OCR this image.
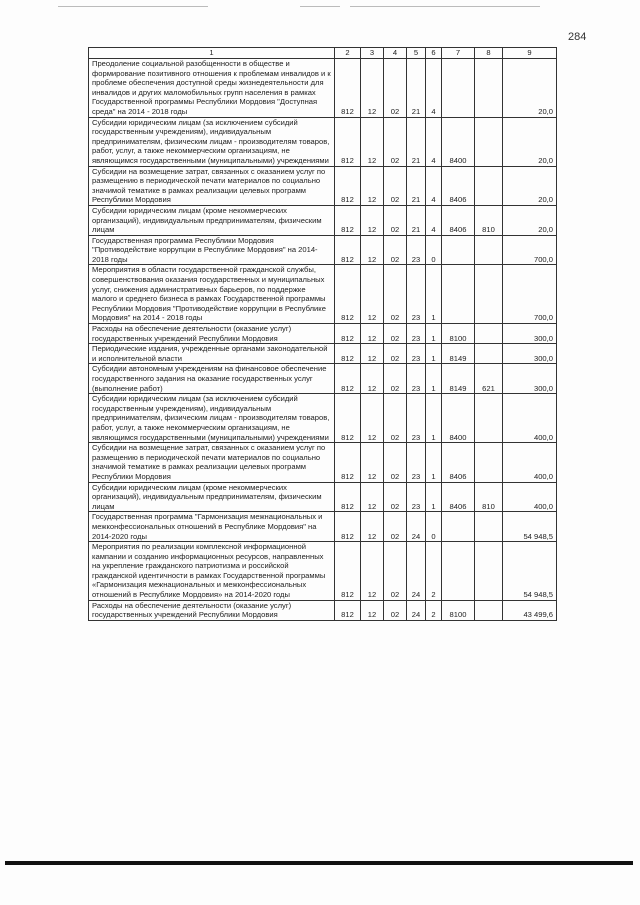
284
1	2	3	4	5	6	7	8	9
Преодоление социальной разобщенности в обществе и формирование позитивного отношения к проблемам инвалидов и к проблеме обеспечения доступной среды жизнедеятельности для инвалидов и других маломобильных групп населения в рамках Государственной программы Республики Мордовия "Доступная среда" на 2014 - 2018 годы	812	12	02	21	4			20,0
Субсидии юридическим лицам (за исключением субсидий государственным учреждениям), индивидуальным предпринимателям, физическим лицам - производителям товаров, работ, услуг, а также некоммерческим организациям, не являющимся государственными (муниципальными) учреждениями	812	12	02	21	4	8400		20,0
Субсидии на возмещение затрат, связанных с оказанием услуг по размещению в периодической печати материалов по социально значимой тематике в рамках реализации целевых программ Республики Мордовия	812	12	02	21	4	8406		20,0
Субсидии юридическим лицам (кроме некоммерческих организаций), индивидуальным предпринимателям, физическим лицам	812	12	02	21	4	8406	810	20,0
Государственная программа Республики Мордовия "Противодействие коррупции в Республике Мордовия" на 2014-2018 годы	812	12	02	23	0			700,0
Мероприятия в области государственной гражданской службы, совершенствования оказания государственных и муниципальных услуг, снижения административных барьеров, по поддержке малого и среднего бизнеса в рамках Государственной программы Республики Мордовия "Противодействие коррупции в Республике Мордовия" на 2014 - 2018 годы	812	12	02	23	1			700,0
Расходы на обеспечение деятельности (оказание услуг) государственных учреждений Республики Мордовия	812	12	02	23	1	8100		300,0
Периодические издания, учрежденные органами законодательной и исполнительной власти	812	12	02	23	1	8149		300,0
Субсидии автономным учреждениям на финансовое обеспечение государственного задания на оказание государственных услуг (выполнение работ)	812	12	02	23	1	8149	621	300,0
Субсидии юридическим лицам (за исключением субсидий государственным учреждениям), индивидуальным предпринимателям, физическим лицам - производителям товаров, работ, услуг, а также некоммерческим организациям, не являющимся государственными (муниципальными) учреждениями	812	12	02	23	1	8400		400,0
Субсидии на возмещение затрат, связанных с оказанием услуг по размещению в периодической печати материалов по социально значимой тематике в рамках реализации целевых программ Республики Мордовия	812	12	02	23	1	8406		400,0
Субсидии юридическим лицам (кроме некоммерческих организаций), индивидуальным предпринимателям, физическим лицам	812	12	02	23	1	8406	810	400,0
Государственная программа "Гармонизация межнациональных и межконфессиональных отношений в Республике Мордовия" на 2014-2020 годы	812	12	02	24	0			54 948,5
Мероприятия по реализации комплексной информационной кампании и созданию информационных ресурсов, направленных на укрепление гражданского патриотизма и российской гражданской идентичности в рамках Государственной программы «Гармонизация межнациональных и межконфессиональных отношений в Республике Мордовия» на 2014-2020 годы	812	12	02	24	2			54 948,5
Расходы на обеспечение деятельности (оказание услуг) государственных учреждений Республики Мордовия	812	12	02	24	2	8100		43 499,6
